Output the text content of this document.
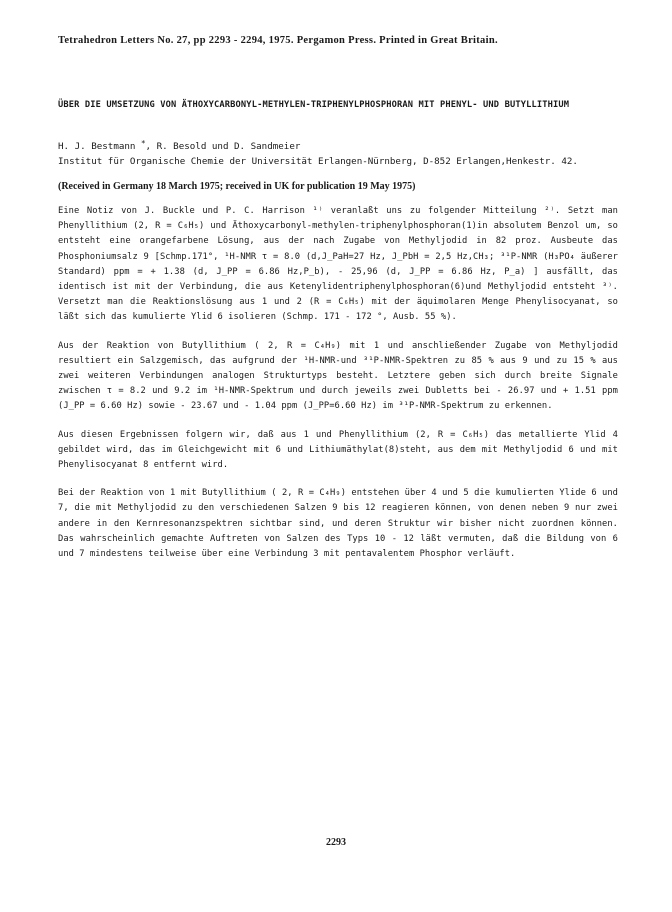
Tetrahedron Letters No. 27, pp 2293 - 2294, 1975. Pergamon Press. Printed in Great Britain.
ÜBER DIE UMSETZUNG VON ÄTHOXYCARBONYL-METHYLEN-TRIPHENYLPHOSPHORAN MIT PHENYL- UND BUTYLLITHIUM
H. J. Bestmann *, R. Besold und D. Sandmeier
Institut für Organische Chemie der Universität Erlangen-Nürnberg, D-852 Erlangen,Henkestr. 42.
(Received in Germany 18 March 1975; received in UK for publication 19 May 1975)

Eine Notiz von J. Buckle und P. C. Harrison ¹⁾ veranlaßt uns zu folgender Mitteilung ²⁾. Setzt man Phenyllithium (2, R = C₆H₅) und Äthoxycarbonyl-methylen-triphenylphosphoran(1)in absolutem Benzol um, so entsteht eine orangefarbene Lösung, aus der nach Zugabe von Methyljodid in 82 proz. Ausbeute das Phosphoniumsalz 9 [Schmp.171°, ¹H-NMR τ = 8.0 (d,J_PaH=27 Hz, J_PbH = 2,5 Hz,CH₃; ³¹P-NMR (H₃PO₄ äußerer Standard) ppm = + 1.38 (d, J_PP = 6.86 Hz,P_b), - 25,96 (d, J_PP = 6.86 Hz, P_a) ] ausfällt, das identisch ist mit der Verbindung, die aus Ketenylidentriphenylphosphoran(6)und Methyljodid entsteht ³⁾. Versetzt man die Reaktionslösung aus 1 und 2 (R = C₆H₅) mit der äquimolaren Menge Phenylisocyanat, so läßt sich das kumulierte Ylid 6 isolieren (Schmp. 171 - 172 °, Ausb. 55 %).

Aus der Reaktion von Butyllithium ( 2, R = C₄H₉) mit 1 und anschließender Zugabe von Methyljodid resultiert ein Salzgemisch, das aufgrund der ¹H-NMR-und ³¹P-NMR-Spektren zu 85 % aus 9 und zu 15 % aus zwei weiteren Verbindungen analogen Strukturtyps besteht. Letztere geben sich durch breite Signale zwischen τ = 8.2 und 9.2 im ¹H-NMR-Spektrum und durch jeweils zwei Dubletts bei - 26.97 und + 1.51 ppm (J_PP = 6.60 Hz) sowie - 23.67 und - 1.04 ppm (J_PP=6.60 Hz) im ³¹P-NMR-Spektrum zu erkennen.

Aus diesen Ergebnissen folgern wir, daß aus 1 und Phenyllithium (2, R = C₆H₅) das metallierte Ylid 4 gebildet wird, das im Gleichgewicht mit 6 und Lithiumäthylat(8)steht, aus dem mit Methyljodid 6 und mit Phenylisocyanat 8 entfernt wird.

Bei der Reaktion von 1 mit Butyllithium ( 2, R = C₄H₉) entstehen über 4 und 5 die kumulierten Ylide 6 und 7, die mit Methyljodid zu den verschiedenen Salzen 9 bis 12 reagieren können, von denen neben 9 nur zwei andere in den Kernresonanzspektren sichtbar sind, und deren Struktur wir bisher nicht zuordnen können. Das wahrscheinlich gemachte Auftreten von Salzen des Typs 10 - 12 läßt vermuten, daß die Bildung von 6 und 7 mindestens teilweise über eine Verbindung 3 mit pentavalentem Phosphor verläuft.

2293
